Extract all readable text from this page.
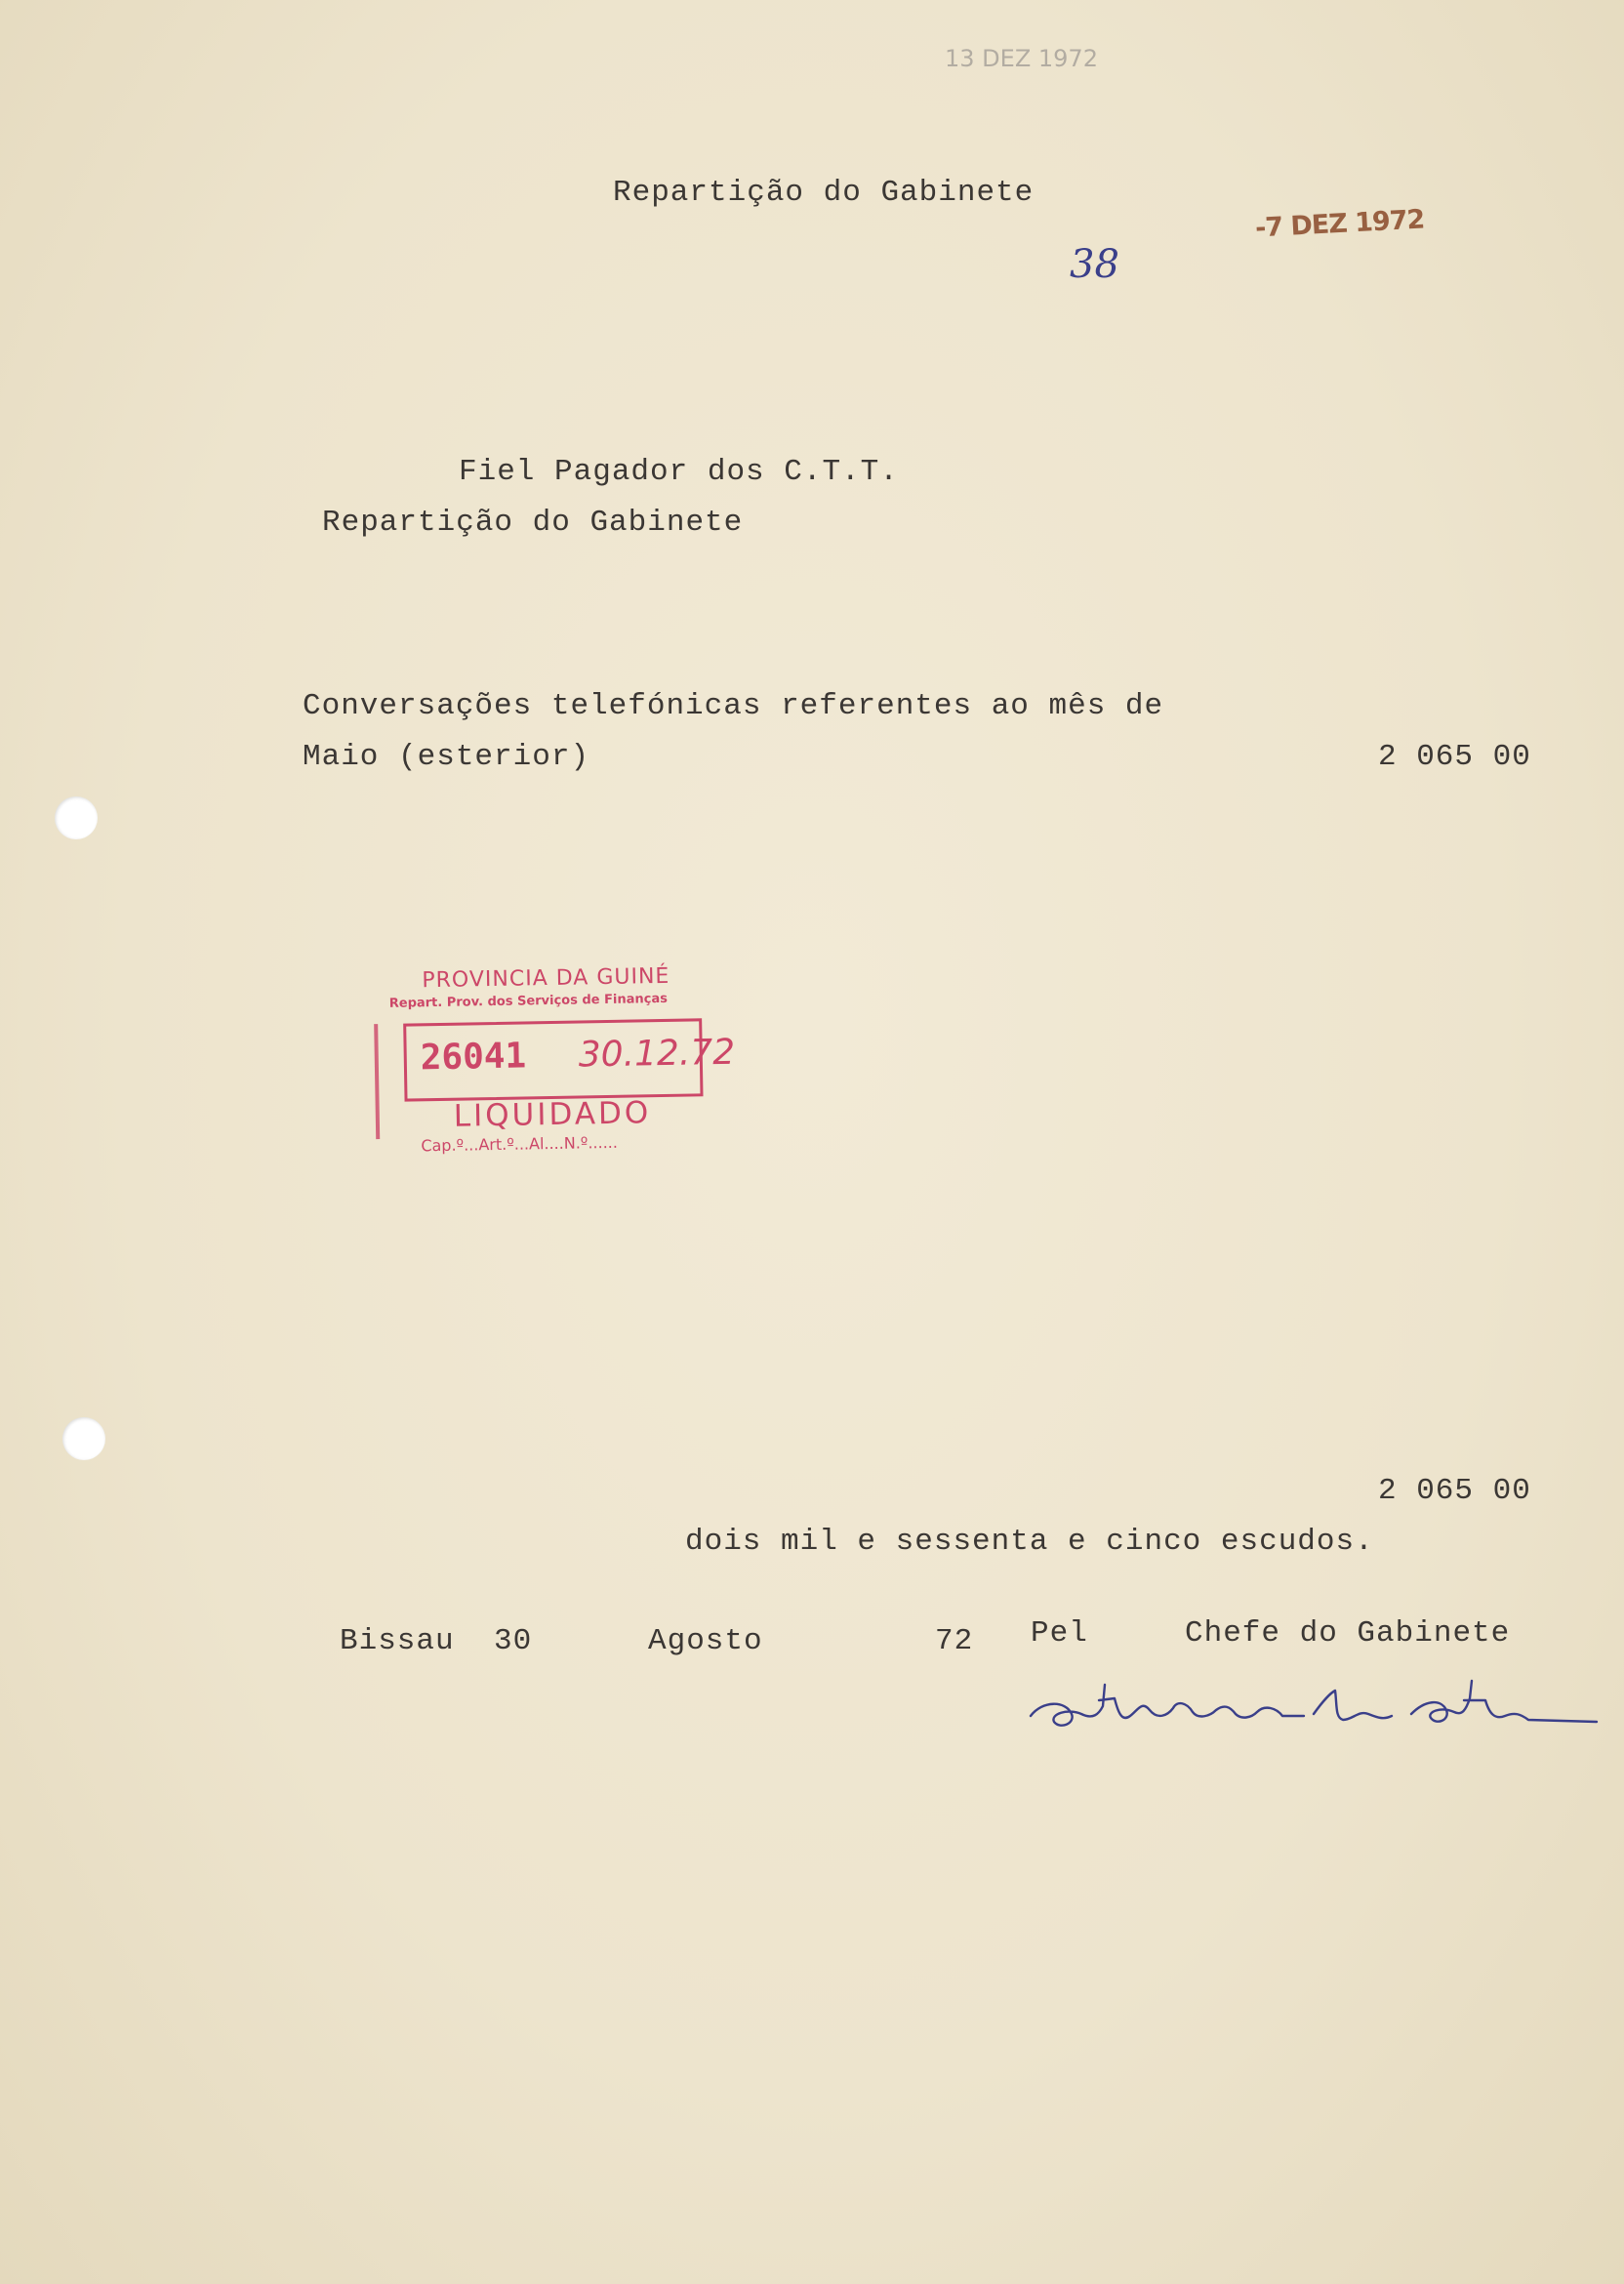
13 DEZ 1972
Repartição do Gabinete
-7 DEZ 1972
38
Fiel Pagador dos C.T.T.
Repartição do Gabinete
Conversações telefónicas referentes ao mês de
Maio (esterior)	2 065 00
PROVINCIA DA GUINÉ
Repart. Prov. dos Serviços de Finanças
26041 30.12.72
LIQUIDADO
Cap.º...Art.º...Al....N.º......
2 065 00
dois mil e sessenta e cinco escudos.
Bissau 30	Agosto	72 Pel	Chefe do Gabinete
